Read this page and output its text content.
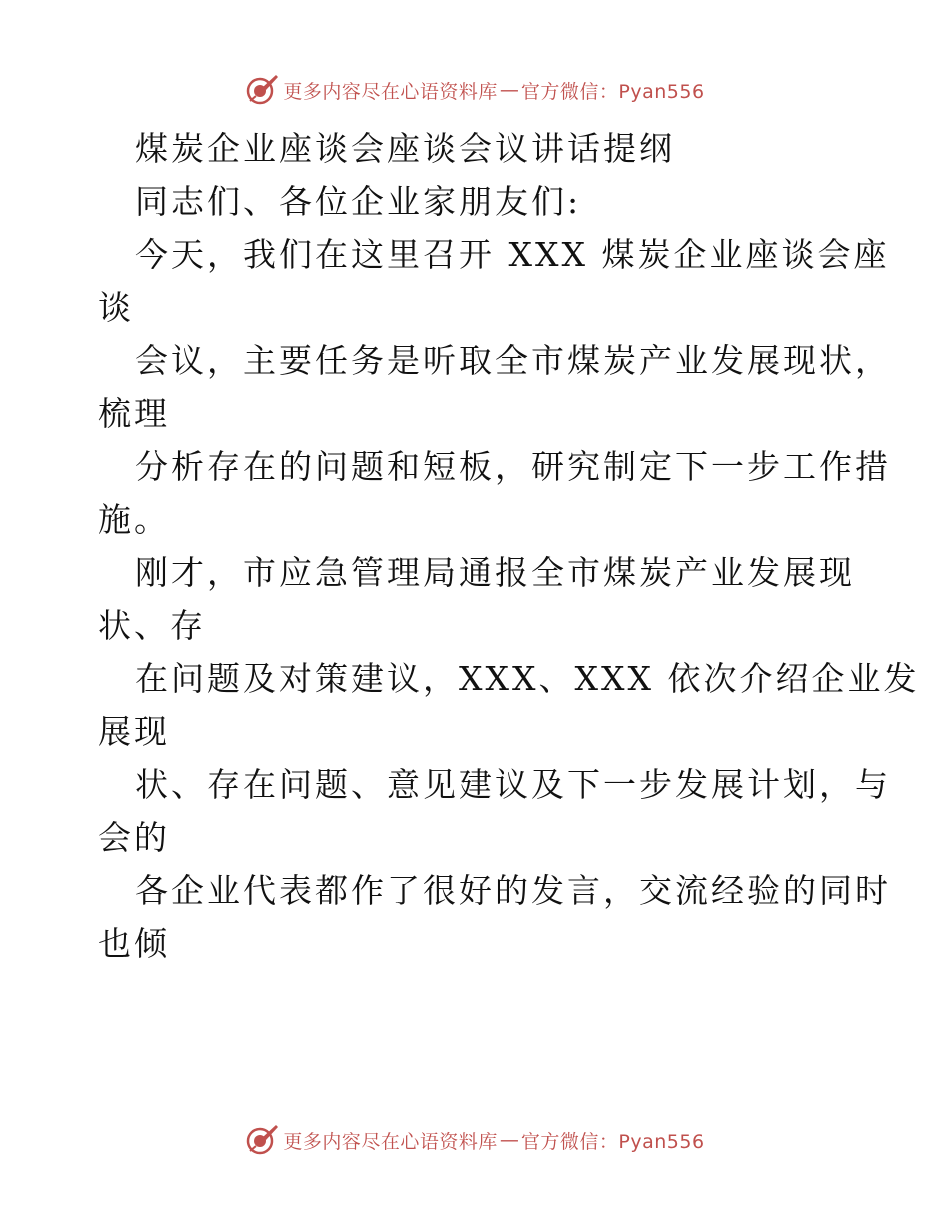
更多内容尽在心语资料库 — 官方微信：Pyan556
煤炭企业座谈会座谈会议讲话提纲
同志们、各位企业家朋友们:
今天，我们在这里召开 XXX 煤炭企业座谈会座
谈
会议，主要任务是听取全市煤炭产业发展现状，
梳理
分析存在的问题和短板，研究制定下一步工作措
施。
刚才，市应急管理局通报全市煤炭产业发展现
状、存
在问题及对策建议，XXX、XXX 依次介绍企业发
展现
状、存在问题、意见建议及下一步发展计划，与
会的
各企业代表都作了很好的发言，交流经验的同时
也倾
更多内容尽在心语资料库 — 官方微信：Pyan556
